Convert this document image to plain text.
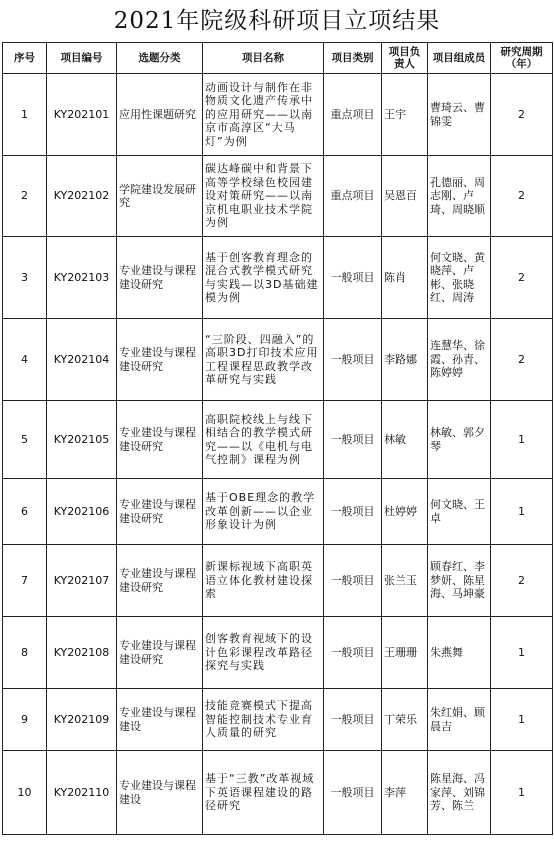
2021年院级科研项目立项结果
序号	项目编号	选题分类	项目名称	项目类别	项目负责人	项目组成员	研究周期（年）
1	KY202101	应用性课题研究	动画设计与制作在非物质文化遗产传承中的应用研究——以南京市高淳区“大马灯”为例	重点项目	王宇	曹琦云、曹锦雯	2
2	KY202102	学院建设发展研究	碳达峰碳中和背景下高等学校绿色校园建设对策研究——以南京机电职业技术学院为例	重点项目	吴恩百	孔德丽、周志刚、卢琦、周晓顺	2
3	KY202103	专业建设与课程建设研究	基于创客教育理念的混合式教学模式研究与实践—以3D基础建模为例	一般项目	陈肖	何文晓、黄晓萍、卢彬、张晓红、周涛	2
4	KY202104	专业建设与课程建设研究	“三阶段、四融入”的高职3D打印技术应用工程课程思政教学改革研究与实践	一般项目	李路娜	连慧华、徐霞、孙青、陈婷婷	2
5	KY202105	专业建设与课程建设研究	高职院校线上与线下相结合的教学模式研究——以《电机与电气控制》课程为例	一般项目	林敏	林敏、郭夕琴	1
6	KY202106	专业建设与课程建设研究	基于OBE理念的教学改革创新——以企业形象设计为例	一般项目	杜婷婷	何文晓、王卓	1
7	KY202107	专业建设与课程建设研究	新课标视域下高职英语立体化教材建设探索	一般项目	张兰玉	顾春红、李梦妍、陈星海、马坤豪	2
8	KY202108	专业建设与课程建设研究	创客教育视域下的设计色彩课程改革路径探究与实践	一般项目	王珊珊	朱燕舞	1
9	KY202109	专业建设与课程建设	技能竞赛模式下提高智能控制技术专业育人质量的研究	一般项目	丁荣乐	朱红娟、顾晨吉	1
10	KY202110	专业建设与课程建设	基于“三教”改革视域下英语课程建设的路径研究	一般项目	李萍	陈星海、冯家萍、刘锦芳、陈兰	1
